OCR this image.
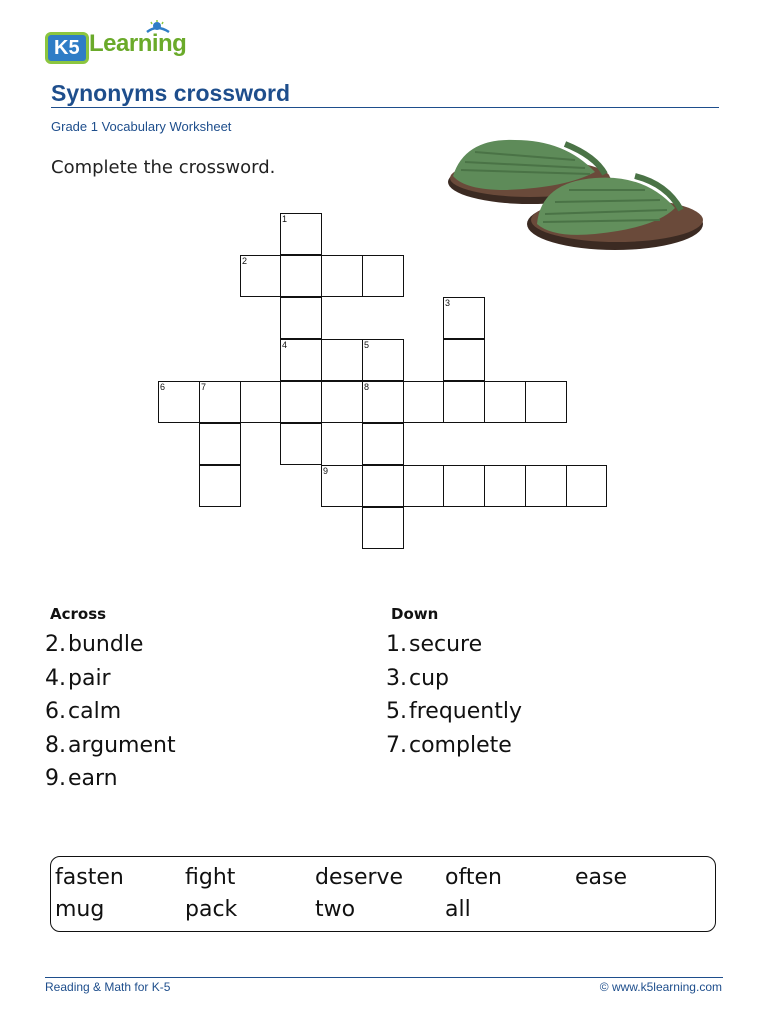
K5 Learning
Synonyms crossword
Grade 1 Vocabulary Worksheet
Complete the crossword.
1
2
3
4	5
6	7	8
9
Across
2.bundle
4.pair
6.calm
8.argument
9.earn
Down
1.secure
3.cup
5.frequently
7.complete
fasten	fight	deserve often	ease
mug	pack	two	all
Reading & Math for K-5	© www.k5learning.com
